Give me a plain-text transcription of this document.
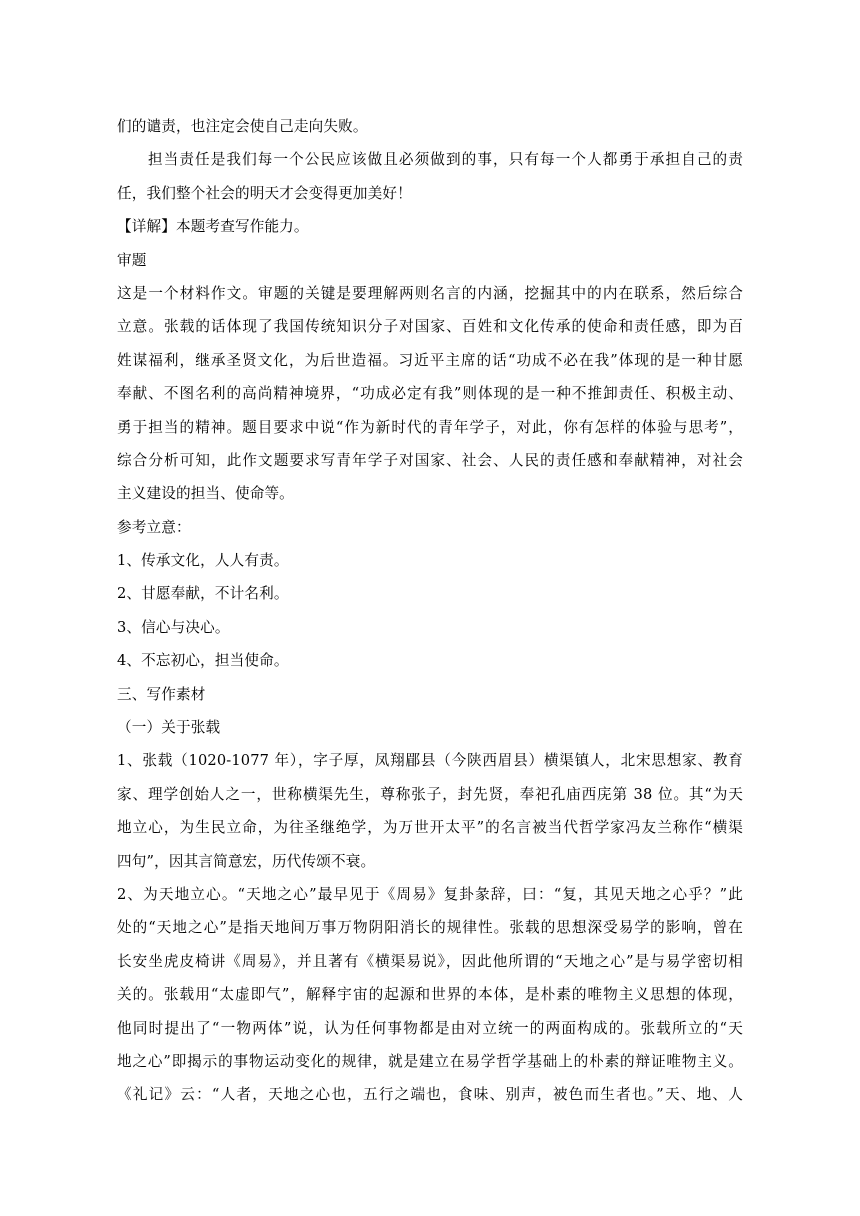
们的谴责，也注定会使自己走向失败。
担当责任是我们每一个公民应该做且必须做到的事，只有每一个人都勇于承担自己的责
任，我们整个社会的明天才会变得更加美好！
【详解】本题考查写作能力。
审题
这是一个材料作文。审题的关键是要理解两则名言的内涵，挖掘其中的内在联系，然后综合
立意。张载的话体现了我国传统知识分子对国家、百姓和文化传承的使命和责任感，即为百
姓谋福利，继承圣贤文化，为后世造福。习近平主席的话“功成不必在我”体现的是一种甘愿
奉献、不图名利的高尚精神境界，“功成必定有我”则体现的是一种不推卸责任、积极主动、
勇于担当的精神。题目要求中说“作为新时代的青年学子，对此，你有怎样的体验与思考”，
综合分析可知，此作文题要求写青年学子对国家、社会、人民的责任感和奉献精神，对社会
主义建设的担当、使命等。
参考立意：
1、传承文化，人人有责。
2、甘愿奉献，不计名利。
3、信心与决心。
4、不忘初心，担当使命。
三、写作素材
（一）关于张载
1、张载（1020-1077 年），字子厚，凤翔郿县（今陕西眉县）横渠镇人，北宋思想家、教育
家、理学创始人之一，世称横渠先生，尊称张子，封先贤，奉祀孔庙西庑第 38 位。其“为天
地立心，为生民立命，为往圣继绝学，为万世开太平”的名言被当代哲学家冯友兰称作“横渠
四句”，因其言简意宏，历代传颂不衰。
2、为天地立心。“天地之心”最早见于《周易》复卦彖辞，曰：“复，其见天地之心乎？”此
处的“天地之心”是指天地间万事万物阴阳消长的规律性。张载的思想深受易学的影响，曾在
长安坐虎皮椅讲《周易》，并且著有《横渠易说》，因此他所谓的“天地之心”是与易学密切相
关的。张载用“太虚即气”，解释宇宙的起源和世界的本体，是朴素的唯物主义思想的体现，
他同时提出了“一物两体”说，认为任何事物都是由对立统一的两面构成的。张载所立的“天
地之心”即揭示的事物运动变化的规律，就是建立在易学哲学基础上的朴素的辩证唯物主义。
《礼记》云：“人者，天地之心也，五行之端也，食味、别声，被色而生者也。”天、地、人
